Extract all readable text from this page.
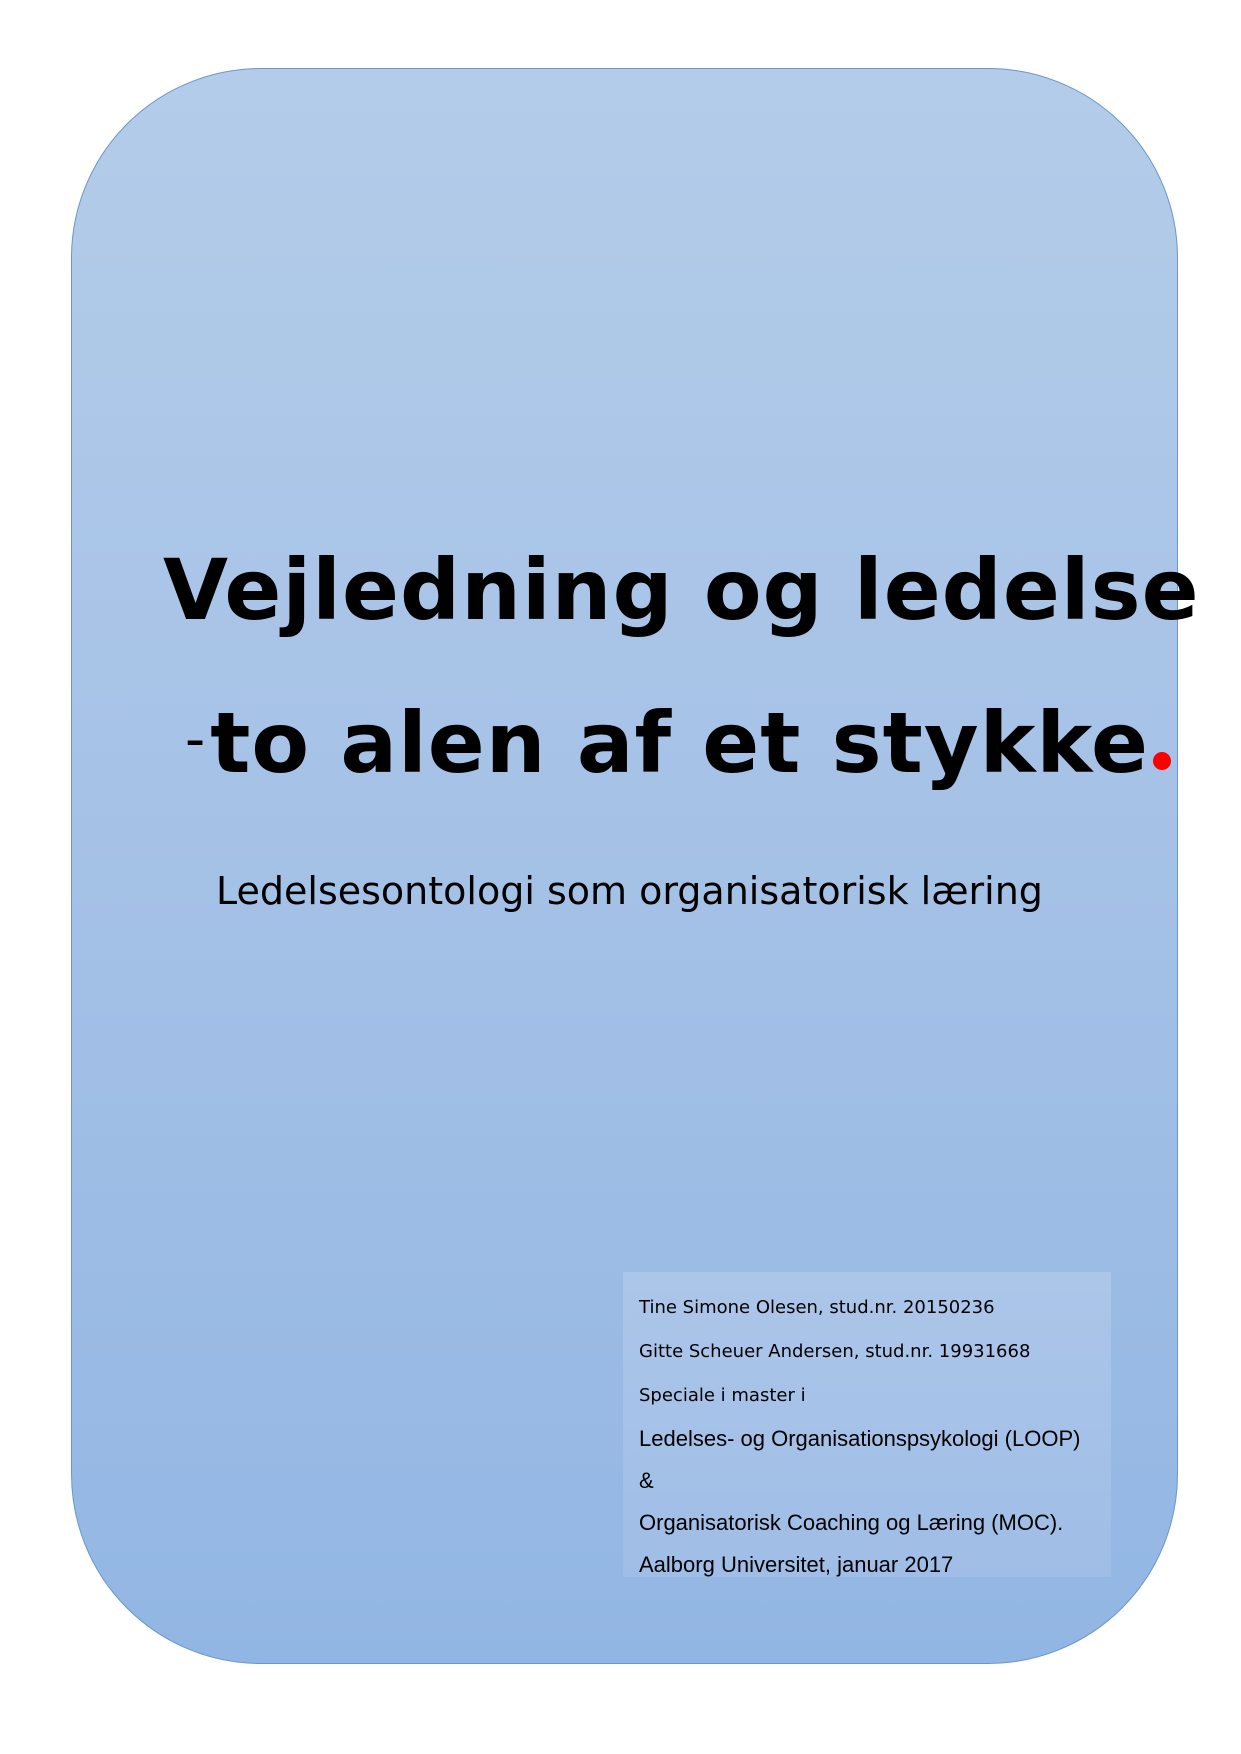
Vejledning og ledelse
-to alen af et stykke

Ledelsesontologi som organisatorisk læring

Tine Simone Olesen, stud.nr. 20150236
Gitte Scheuer Andersen, stud.nr. 19931668
Speciale i master i
Ledelses- og Organisationspsykologi (LOOP)
&
Organisatorisk Coaching og Læring (MOC).
Aalborg Universitet, januar 2017
